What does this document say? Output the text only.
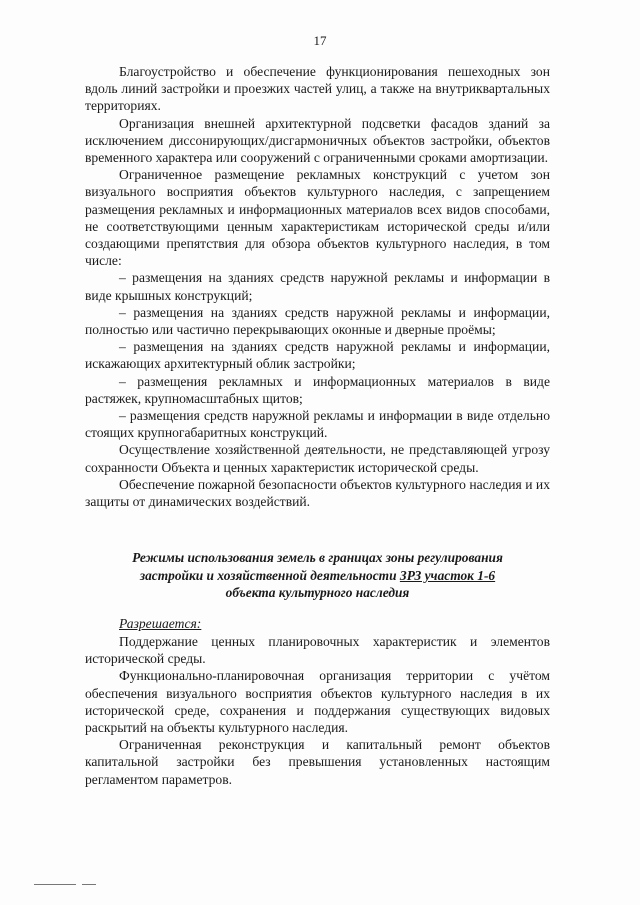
17

Благоустройство и обеспечение функционирования пешеходных зон вдоль линий застройки и проезжих частей улиц, а также на внутриквартальных территориях.

Организация внешней архитектурной подсветки фасадов зданий за исключением диссонирующих/дисгармоничных объектов застройки, объектов временного характера или сооружений с ограниченными сроками амортизации.

Ограниченное размещение рекламных конструкций с учетом зон визуального восприятия объектов культурного наследия, с запрещением размещения рекламных и информационных материалов всех видов способами, не соответствующими ценным характеристикам исторической среды и/или создающими препятствия для обзора объектов культурного наследия, в том числе:

– размещения на зданиях средств наружной рекламы и информации в виде крышных конструкций;

– размещения на зданиях средств наружной рекламы и информации, полностью или частично перекрывающих оконные и дверные проёмы;

– размещения на зданиях средств наружной рекламы и информации, искажающих архитектурный облик застройки;

– размещения рекламных и информационных материалов в виде растяжек, крупномасштабных щитов;

– размещения средств наружной рекламы и информации в виде отдельно стоящих крупногабаритных конструкций.

Осуществление хозяйственной деятельности, не представляющей угрозу сохранности Объекта и ценных характеристик исторической среды.

Обеспечение пожарной безопасности объектов культурного наследия и их защиты от динамических воздействий.

Режимы использования земель в границах зоны регулирования
застройки и хозяйственной деятельности ЗРЗ участок 1-6
объекта культурного наследия
Разрешается:

Поддержание ценных планировочных характеристик и элементов исторической среды.

Функционально-планировочная организация территории с учётом обеспечения визуального восприятия объектов культурного наследия в их исторической среде, сохранения и поддержания существующих видовых раскрытий на объекты культурного наследия.

Ограниченная реконструкция и капитальный ремонт объектов капитальной застройки без превышения установленных настоящим регламентом параметров.
